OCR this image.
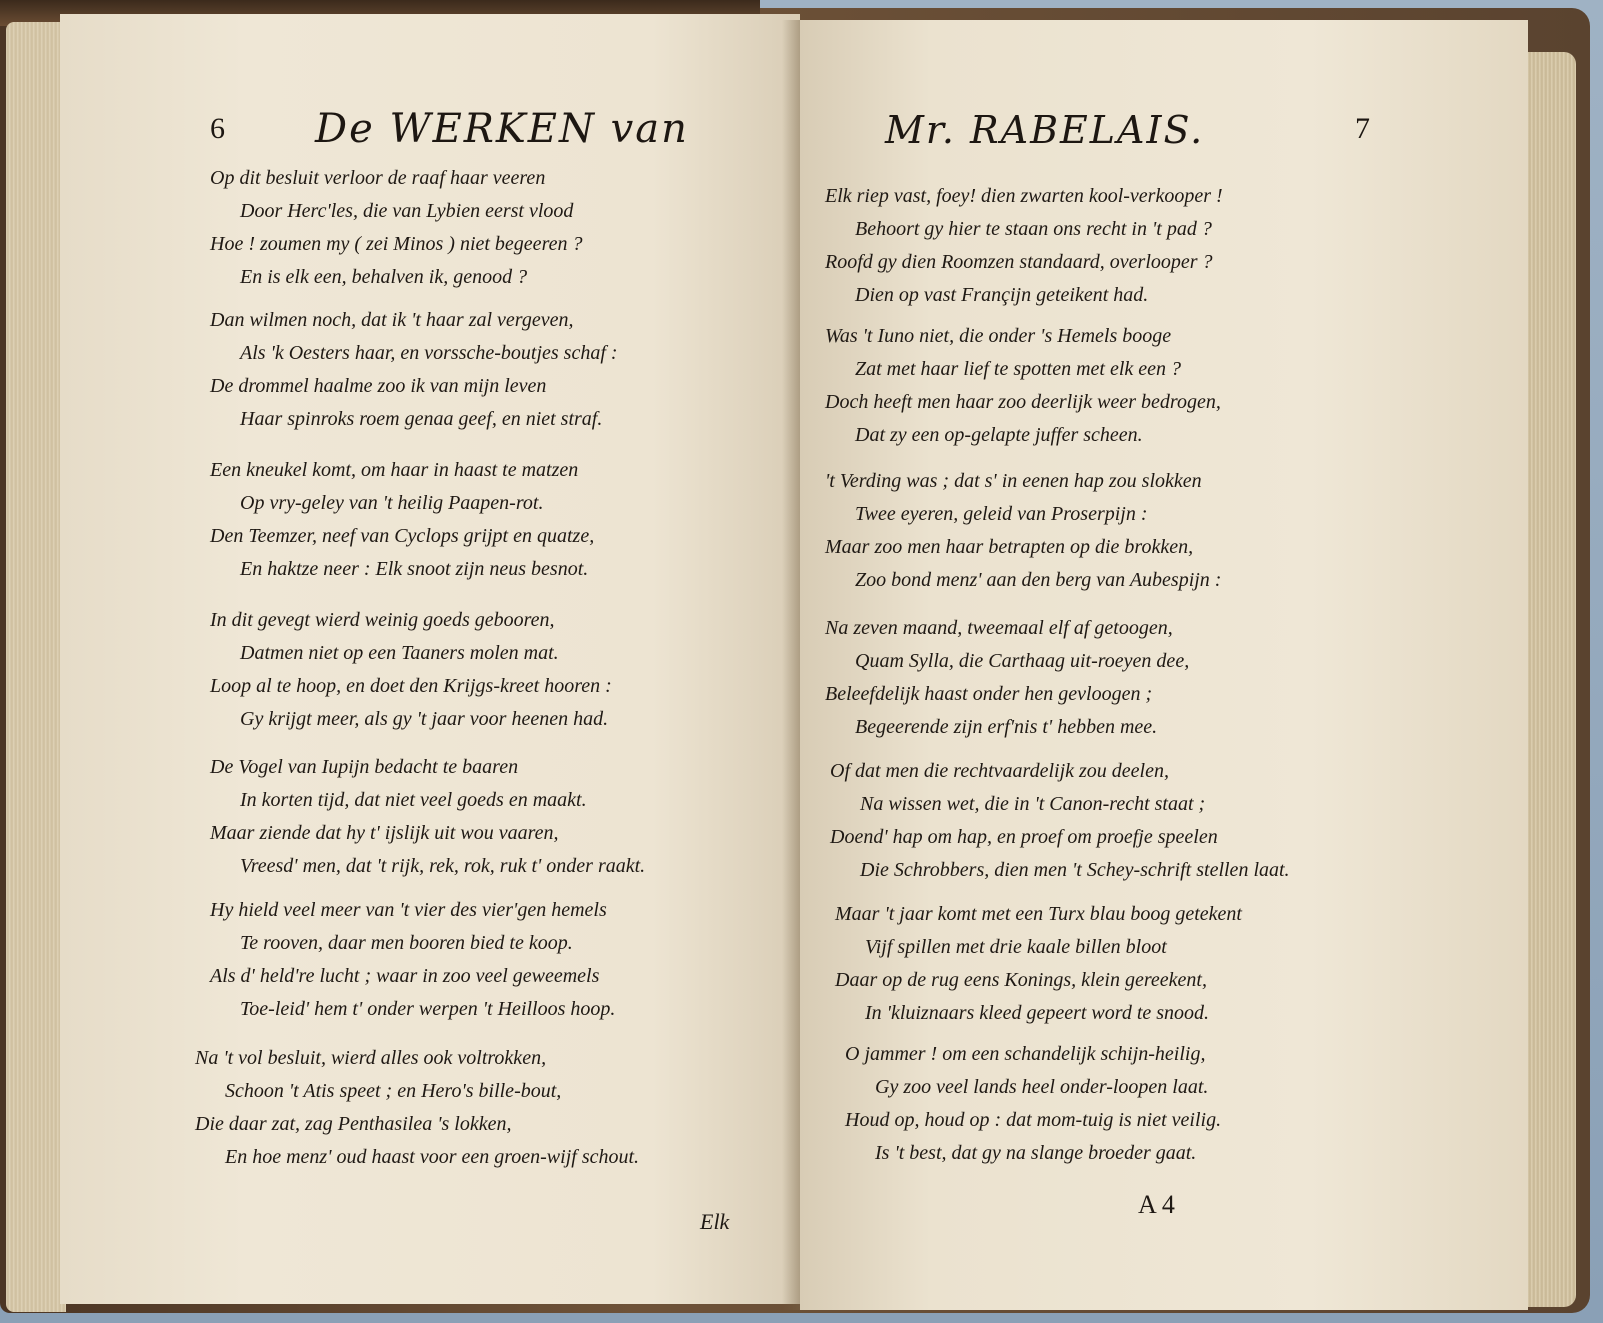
6 De WERKEN van
Op dit besluit verloor de raaf haar veeren
Door Herc'les, die van Lybien eerst vlood
Hoe ! zoumen my ( zei Minos ) niet begeeren ?
En is elk een, behalven ik, genood ?
Dan wilmen noch, dat ik 't haar zal vergeven,
Als 'k Oesters haar, en vorssche-boutjes schaf :
De drommel haalme zoo ik van mijn leven
Haar spinroks roem genaa geef, en niet straf.
Een kneukel komt, om haar in haast te matzen
Op vry-geley van 't heilig Paapen-rot.
Den Teemzer, neef van Cyclops grijpt en quatze,
En haktze neer : Elk snoot zijn neus besnot.
In dit gevegt wierd weinig goeds gebooren,
Datmen niet op een Taaners molen mat.
Loop al te hoop, en doet den Krijgs-kreet hooren :
Gy krijgt meer, als gy 't jaar voor heenen had.
De Vogel van Iupijn bedacht te baaren
In korten tijd, dat niet veel goeds en maakt.
Maar ziende dat hy t' ijslijk uit wou vaaren,
Vreesd' men, dat 't rijk, rek, rok, ruk t' onder raakt.
Hy hield veel meer van 't vier des vier'gen hemels
Te rooven, daar men booren bied te koop.
Als d' held're lucht ; waar in zoo veel geweemels
Toe-leid' hem t' onder werpen 't Heilloos hoop.
Na 't vol besluit, wierd alles ook voltrokken,
Schoon 't Atis speet ; en Hero's bille-bout,
Die daar zat, zag Penthasilea 's lokken,
En hoe menz' oud haast voor een groen-wijf schout.
Elk
Mr. RABELAIS.	7
Elk riep vast, foey! dien zwarten kool-verkooper !
Behoort gy hier te staan ons recht in 't pad ?
Roofd gy dien Roomzen standaard, overlooper ?
Dien op vast Françijn geteikent had.
Was 't Iuno niet, die onder 's Hemels booge
Zat met haar lief te spotten met elk een ?
Doch heeft men haar zoo deerlijk weer bedrogen,
Dat zy een op-gelapte juffer scheen.
't Verding was ; dat s' in eenen hap zou slokken
Twee eyeren, geleid van Proserpijn :
Maar zoo men haar betrapten op die brokken,
Zoo bond menz' aan den berg van Aubespijn :
Na zeven maand, tweemaal elf af getoogen,
Quam Sylla, die Carthaag uit-roeyen dee,
Beleefdelijk haast onder hen gevloogen ;
Begeerende zijn erf'nis t' hebben mee.
Of dat men die rechtvaardelijk zou deelen,
Na wissen wet, die in 't Canon-recht staat ;
Doend' hap om hap, en proef om proefje speelen
Die Schrobbers, dien men 't Schey-schrift stellen laat.
Maar 't jaar komt met een Turx blau boog getekent
Vijf spillen met drie kaale billen bloot
Daar op de rug eens Konings, klein gereekent,
In 'kluiznaars kleed gepeert word te snood.
O jammer ! om een schandelijk schijn-heilig,
Gy zoo veel lands heel onder-loopen laat.
Houd op, houd op : dat mom-tuig is niet veilig.
Is 't best, dat gy na slange broeder gaat.
A 4
